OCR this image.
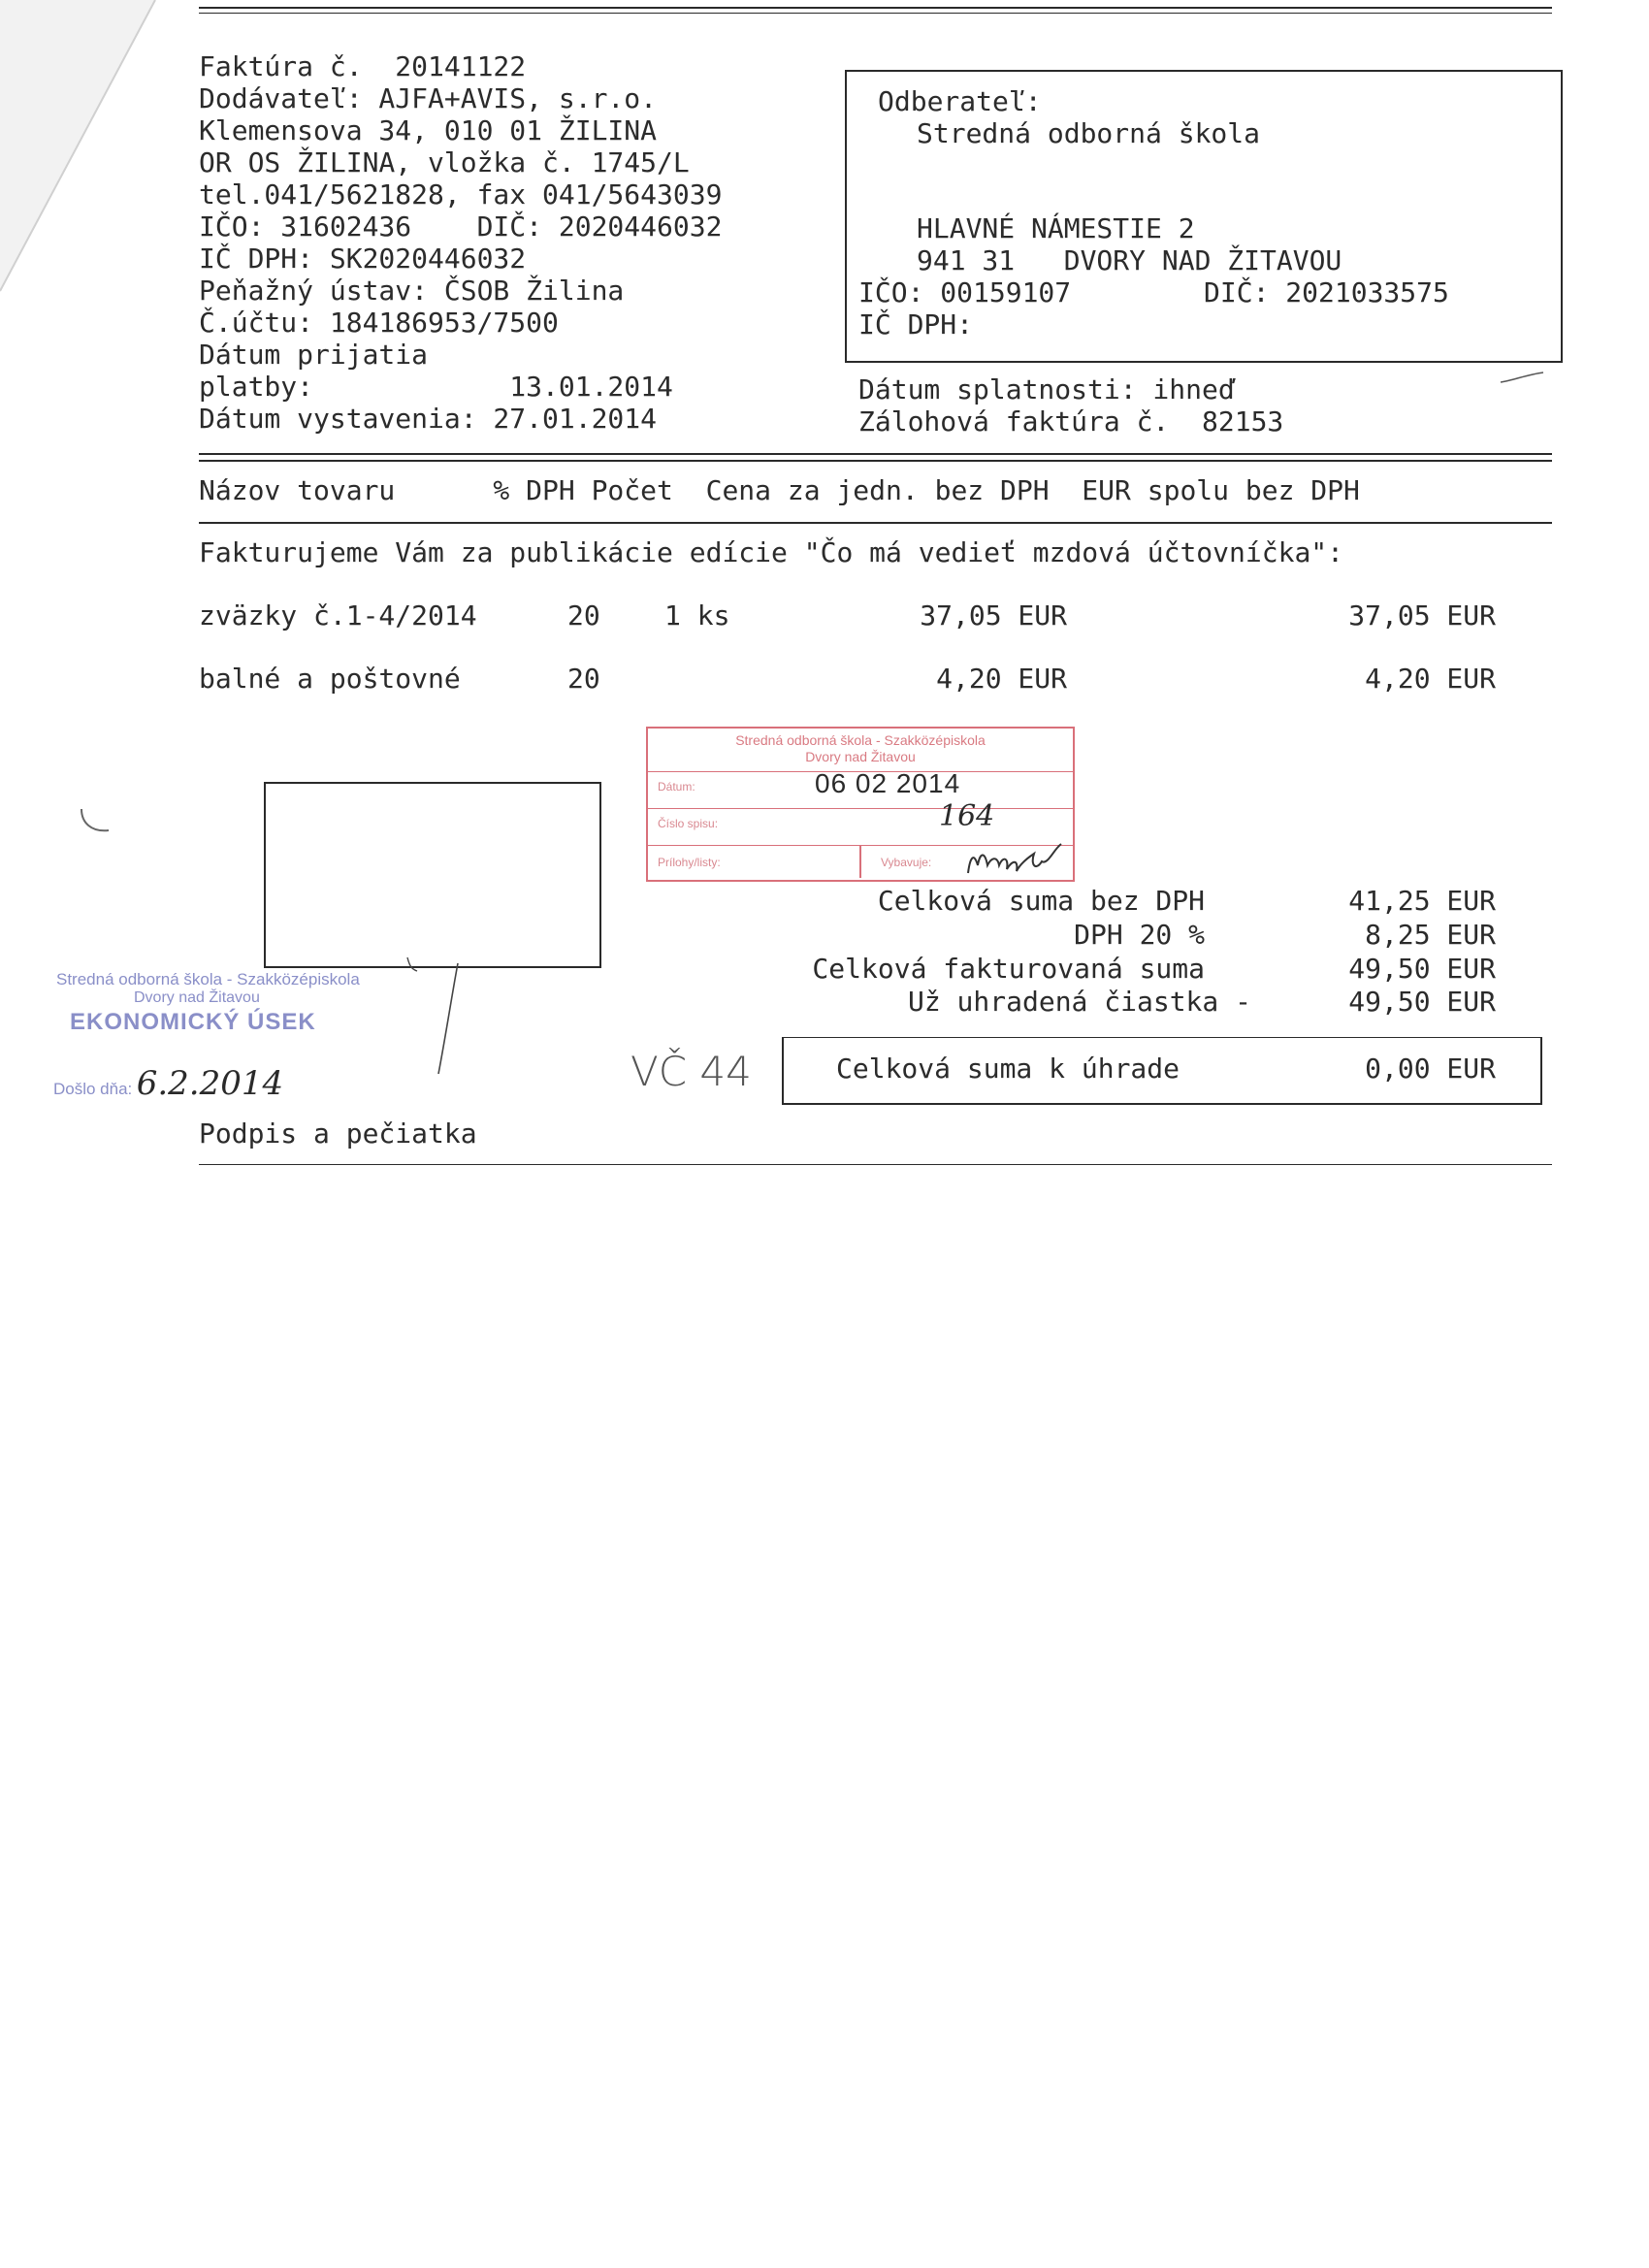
Faktúra č.  20141122
Dodávateľ: AJFA+AVIS, s.r.o.
Klemensova 34, 010 01 ŽILINA
OR OS ŽILINA, vložka č. 1745/L
tel.041/5621828, fax 041/5643039
IČO: 31602436    DIČ: 2020446032
IČ DPH: SK2020446032
Peňažný ústav: ČSOB Žilina
Č.účtu: 184186953/7500
Dátum prijatia
platby:            13.01.2014
Dátum vystavenia: 27.01.2014
Odberateľ:
Stredná odborná škola
HLAVNÉ NÁMESTIE 2
941 31   DVORY NAD ŽITAVOU
IČO: 00159107	DIČ: 2021033575
IČ DPH:
Dátum splatnosti: ihneď
Zálohová faktúra č.  82153
Názov tovaru      % DPH Počet  Cena za jedn. bez DPH  EUR spolu bez DPH
Fakturujeme Vám za publikácie edície "Čo má vedieť mzdová účtovníčka":
zväzky č.1-4/2014	20 1 ks	37,05 EUR	37,05 EUR
balné a poštovné	20	4,20 EUR	4,20 EUR
Stredná odborná škola - Szakközépiskola
Dvory nad Žitavou
Dátum:	06 02 2014
Číslo spisu:	164
Prílohy/listy:	Vybavuje:
Celková suma bez DPH	41,25 EUR
DPH 20 %	8,25 EUR
Celková fakturovaná suma	49,50 EUR
Už uhradená čiastka -	49,50 EUR
Celková suma k úhrade	0,00 EUR
Stredná odborná škola - Szakközépiskola
Dvory nad Žitavou
EKONOMICKÝ ÚSEK
Došlo dňa: 6.2.2014	VČ 44
Podpis a pečiatka
